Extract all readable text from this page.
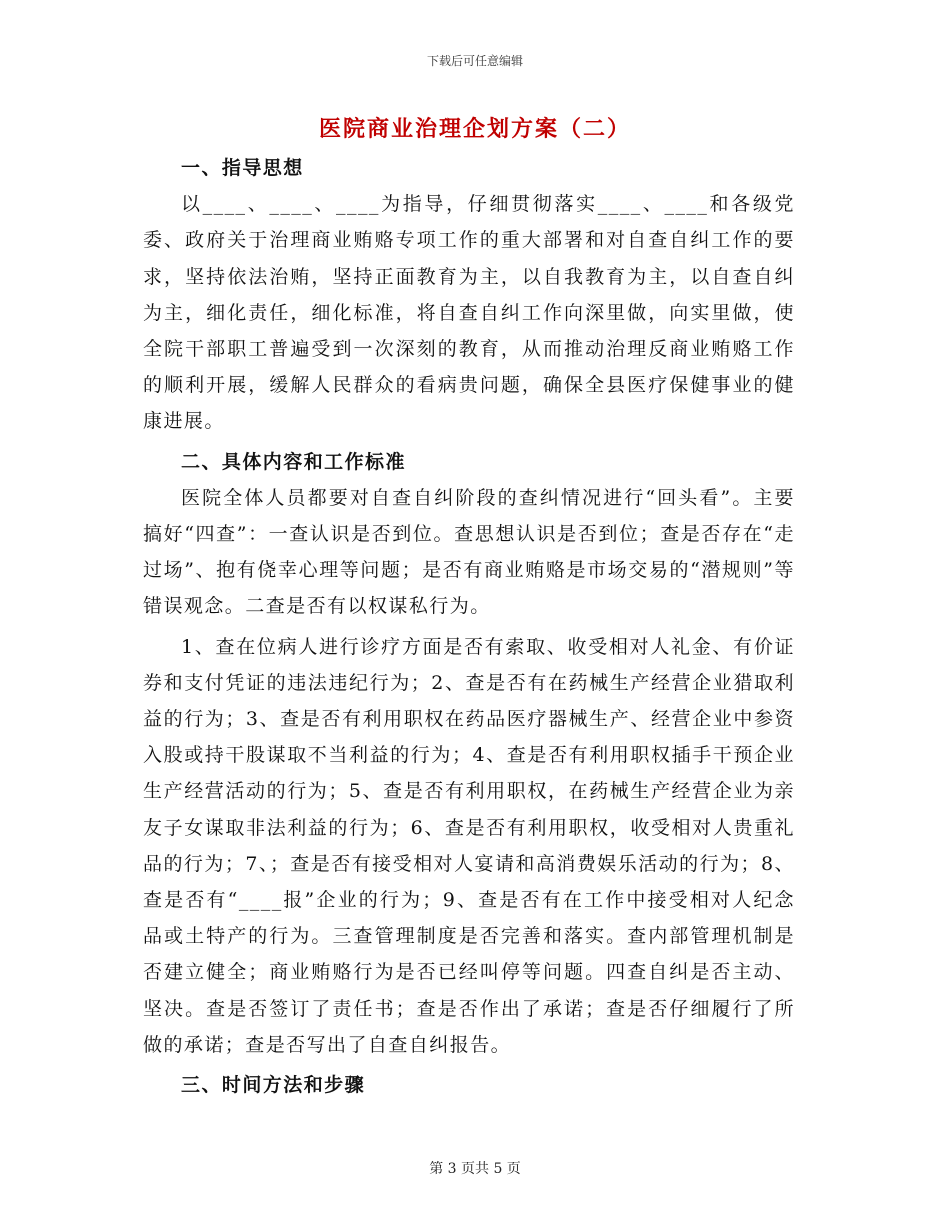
下载后可任意编辑
医院商业治理企划方案（二）
一、指导思想

以____、____、____为指导，仔细贯彻落实____、____和各级党委、政府关于治理商业贿赂专项工作的重大部署和对自查自纠工作的要求，坚持依法治贿，坚持正面教育为主，以自我教育为主，以自查自纠为主，细化责任，细化标准，将自查自纠工作向深里做，向实里做，使全院干部职工普遍受到一次深刻的教育，从而推动治理反商业贿赂工作的顺利开展，缓解人民群众的看病贵问题，确保全县医疗保健事业的健康进展。

二、具体内容和工作标准

医院全体人员都要对自查自纠阶段的查纠情况进行“回头看”。主要搞好“四查”：一查认识是否到位。查思想认识是否到位；查是否存在“走过场”、抱有侥幸心理等问题；是否有商业贿赂是市场交易的“潜规则”等错误观念。二查是否有以权谋私行为。

1、查在位病人进行诊疗方面是否有索取、收受相对人礼金、有价证券和支付凭证的违法违纪行为；2、查是否有在药械生产经营企业猎取利益的行为；3、查是否有利用职权在药品医疗器械生产、经营企业中参资入股或持干股谋取不当利益的行为；4、查是否有利用职权插手干预企业生产经营活动的行为；5、查是否有利用职权，在药械生产经营企业为亲友子女谋取非法利益的行为；6、查是否有利用职权，收受相对人贵重礼品的行为；7、；查是否有接受相对人宴请和高消费娱乐活动的行为；8、查是否有“____报”企业的行为；9、查是否有在工作中接受相对人纪念品或土特产的行为。三查管理制度是否完善和落实。查内部管理机制是否建立健全；商业贿赂行为是否已经叫停等问题。四查自纠是否主动、坚决。查是否签订了责任书；查是否作出了承诺；查是否仔细履行了所做的承诺；查是否写出了自查自纠报告。

三、时间方法和步骤
第 3 页共 5 页
